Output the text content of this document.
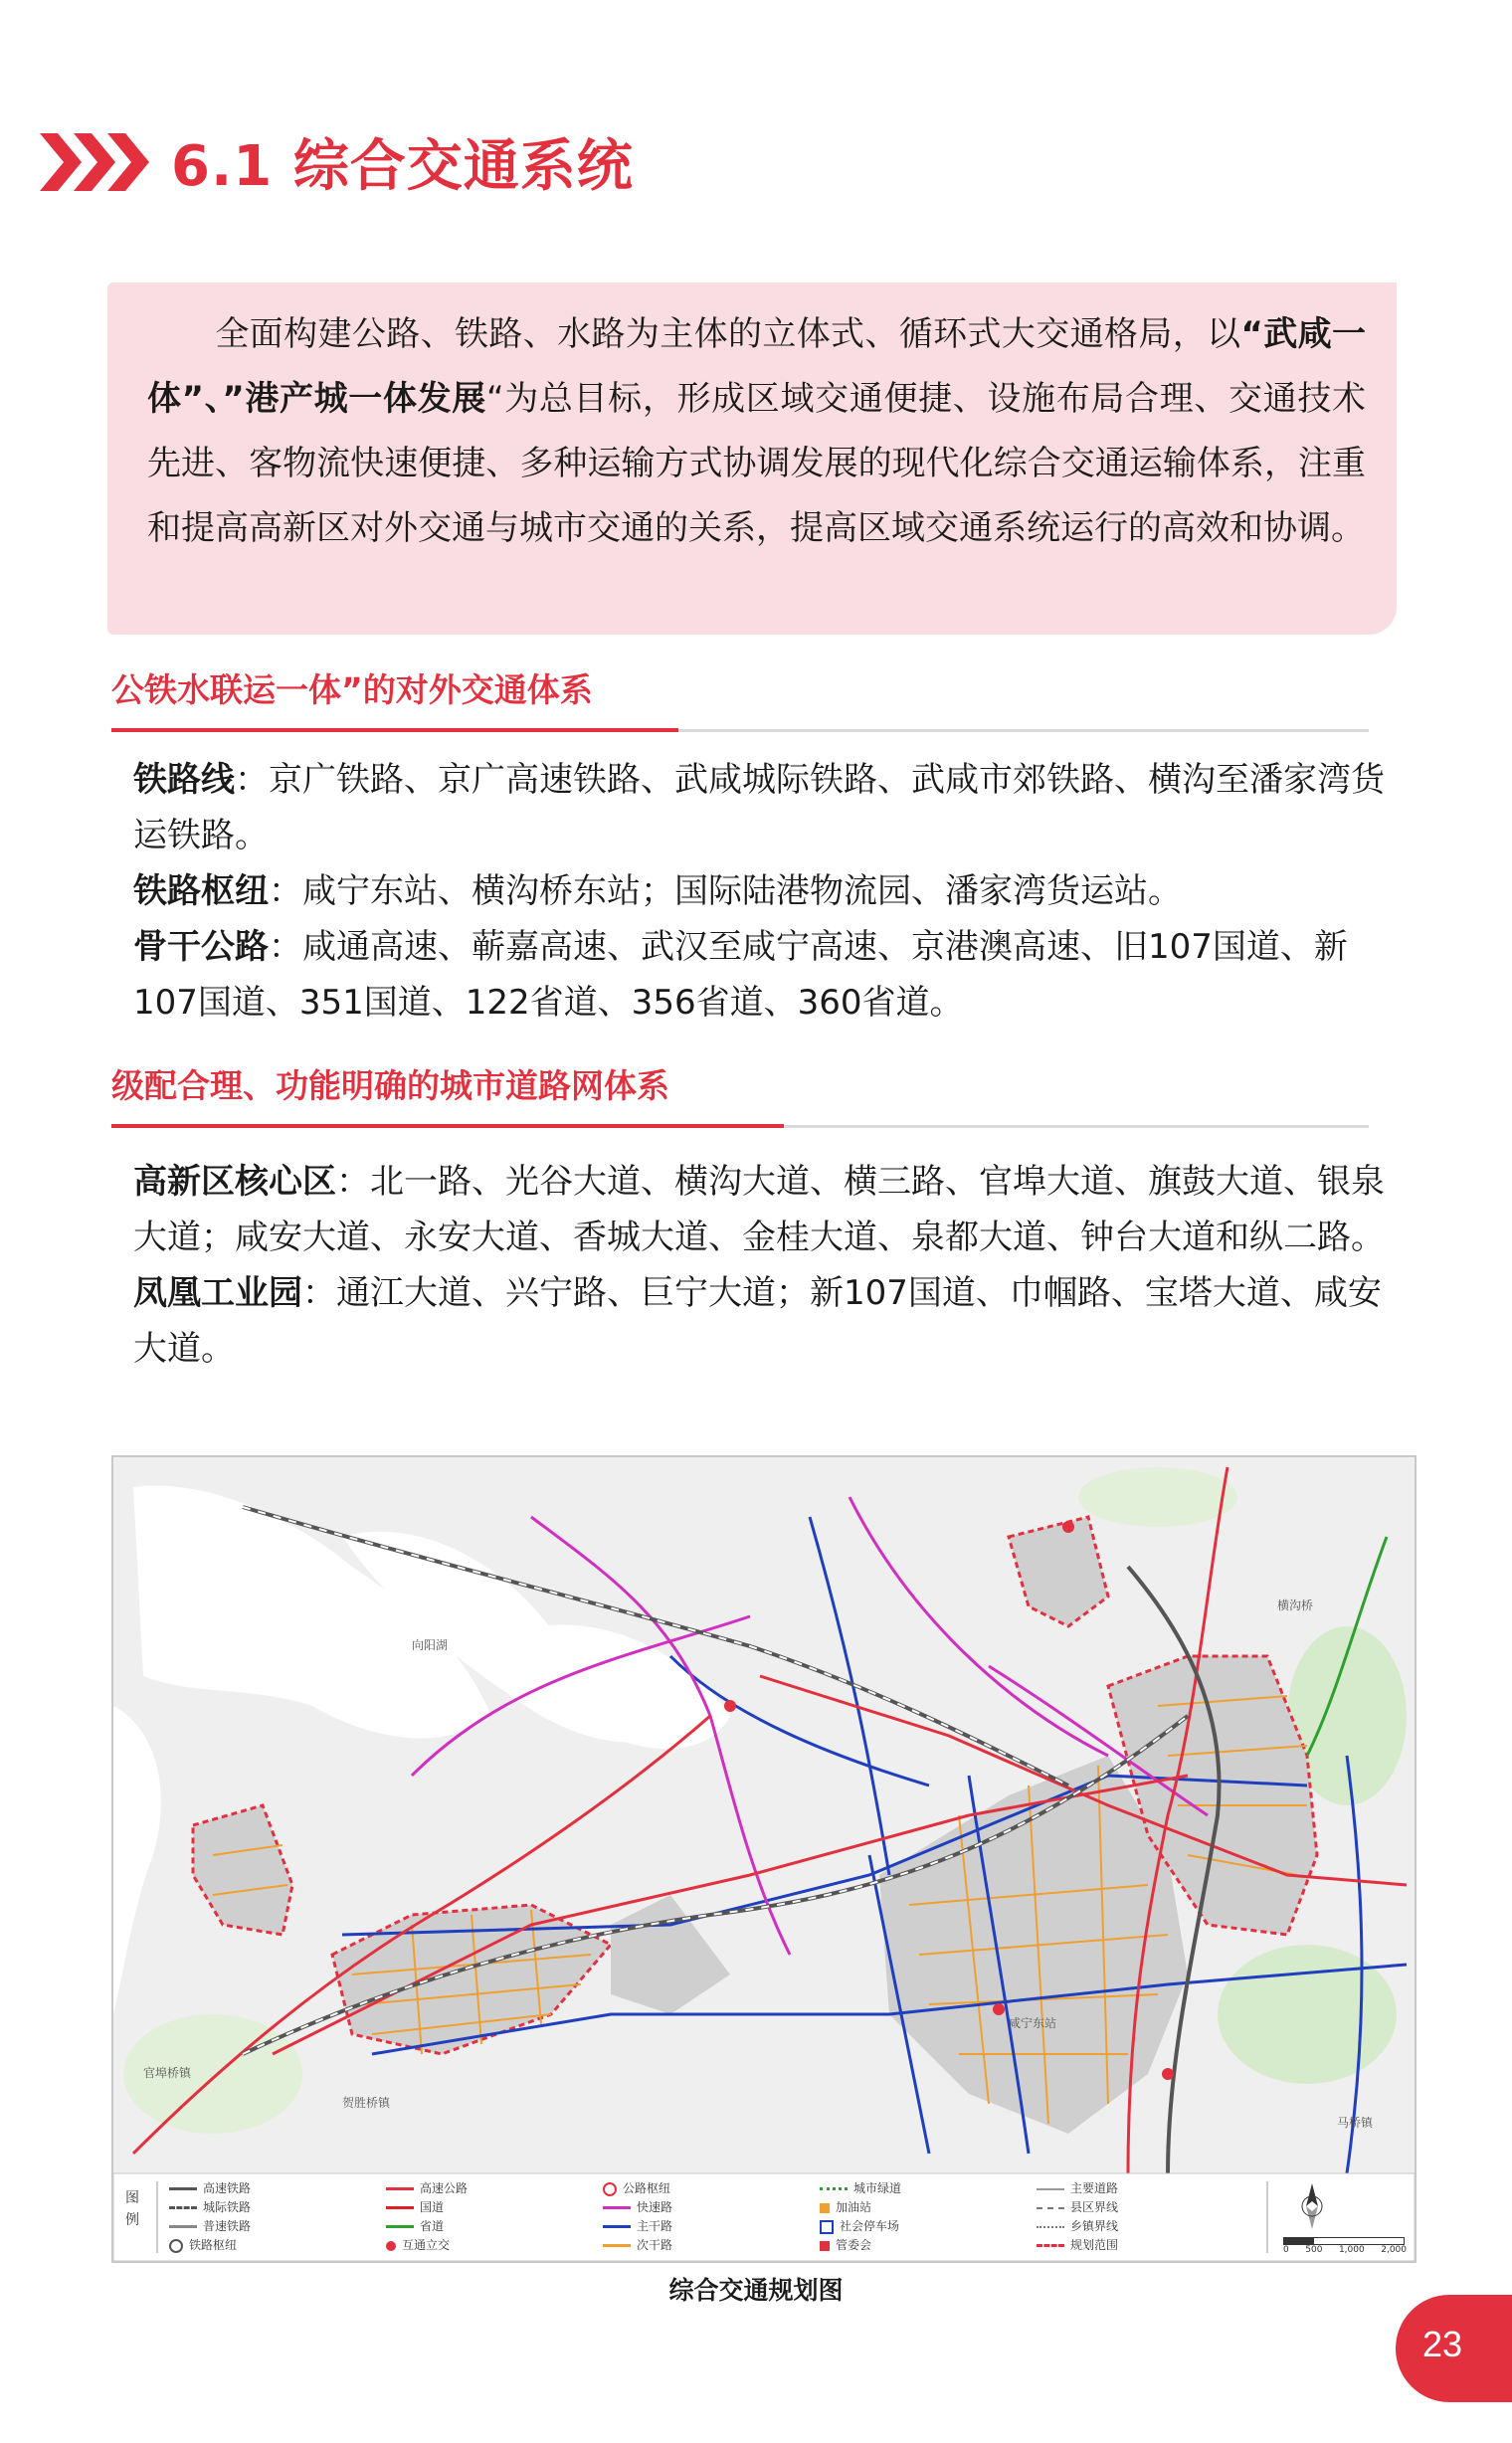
6.1 综合交通系统
全面构建公路、铁路、水路为主体的立体式、循环式大交通格局，以“武咸一体”、”港产城一体发展“为总目标，形成区域交通便捷、设施布局合理、交通技术先进、客物流快速便捷、多种运输方式协调发展的现代化综合交通运输体系，注重和提高高新区对外交通与城市交通的关系，提高区域交通系统运行的高效和协调。
公铁水联运一体”的对外交通体系

铁路线：京广铁路、京广高速铁路、武咸城际铁路、武咸市郊铁路、横沟至潘家湾货运铁路。

铁路枢纽：咸宁东站、横沟桥东站；国际陆港物流园、潘家湾货运站。

骨干公路：咸通高速、蕲嘉高速、武汉至咸宁高速、京港澳高速、旧107国道、新107国道、351国道、122省道、356省道、360省道。

级配合理、功能明确的城市道路网体系

高新区核心区：北一路、光谷大道、横沟大道、横三路、官埠大道、旗鼓大道、银泉大道；咸安大道、永安大道、香城大道、金桂大道、泉都大道、钟台大道和纵二路。

凤凰工业园：通江大道、兴宁路、巨宁大道；新107国道、巾帼路、宝塔大道、咸安大道。

图例
高速铁路	高速公路	公路枢纽	城市绿道	主要道路
城际铁路	国道	快速路	加油站	县区界线
普速铁路	省道	主干路	社会停车场	乡镇界线
铁路枢纽	互通立交	次干路	管委会	规划范围	0 500 1,000 2,000
横沟桥
官埠桥镇
马桥镇
贺胜桥镇
咸宁东站
向阳湖
综合交通规划图
23
